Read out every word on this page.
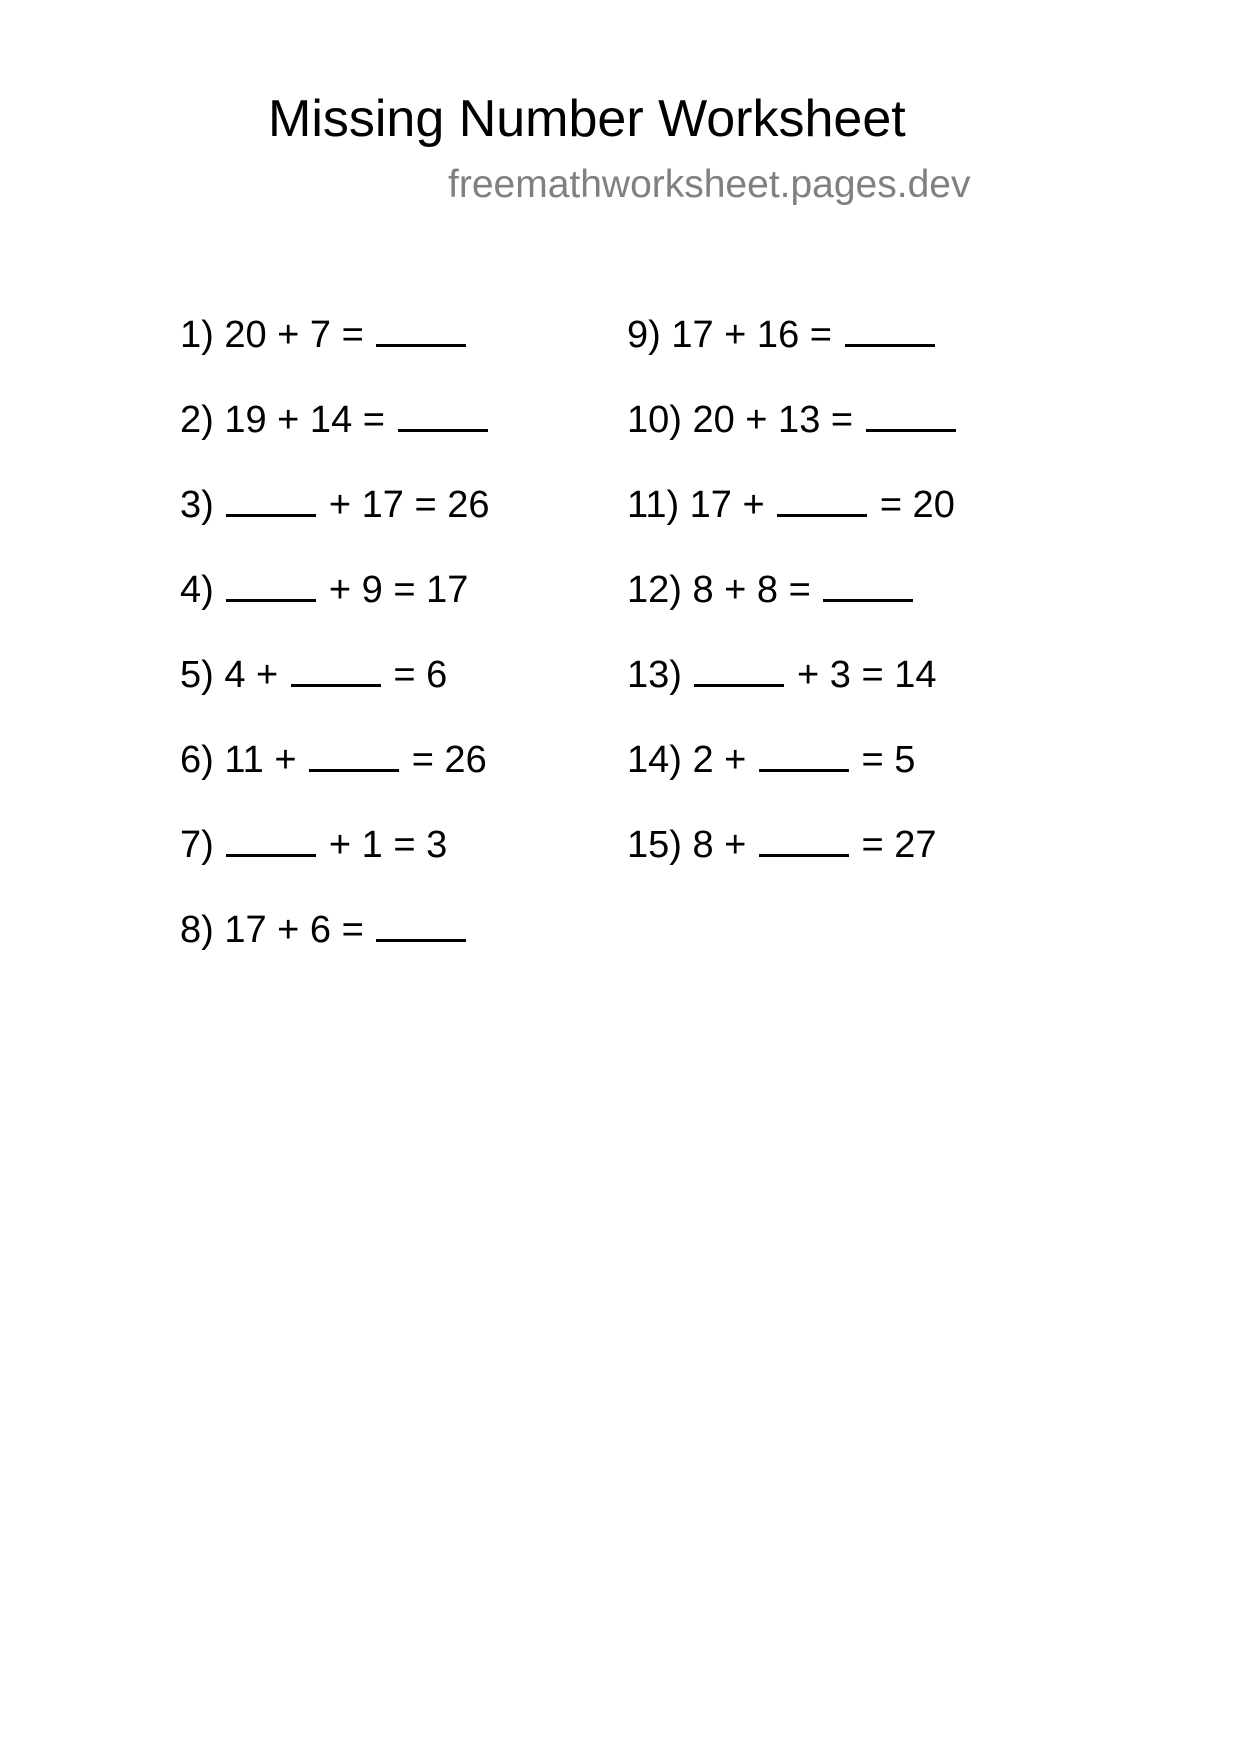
Missing Number Worksheet
freemathworksheet.pages.dev
1) 20 + 7 =
2) 19 + 14 =
3)	+ 17 = 26
4)	+ 9 = 17
5) 4 +	= 6
6) 11 +	= 26
7)	+ 1 = 3
8) 17 + 6 =
9) 17 + 16 =
10) 20 + 13 =
11) 17 +	= 20
12) 8 + 8 =
13)	+ 3 = 14
14) 2 +	= 5
15) 8 +	= 27
